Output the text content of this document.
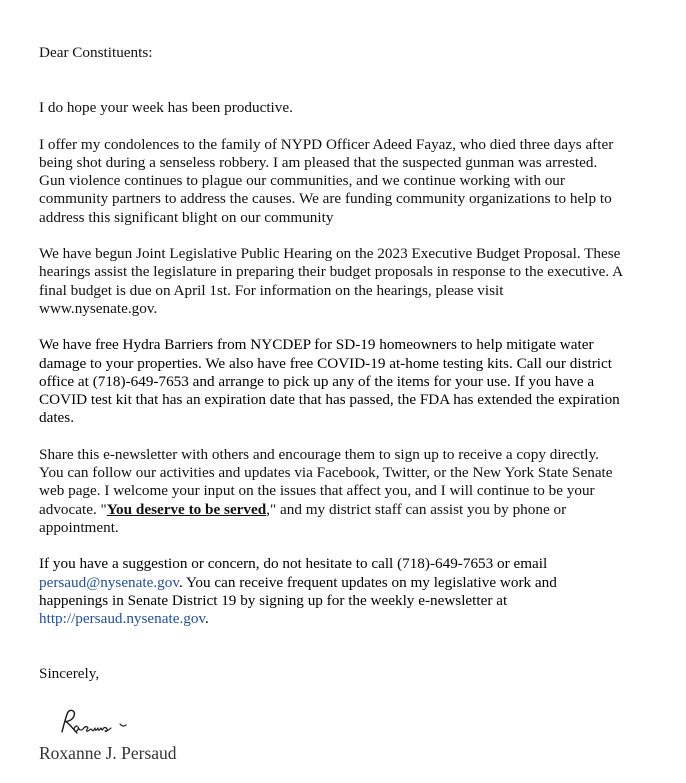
Dear Constituents:
I do hope your week has been productive.
I offer my condolences to the family of NYPD Officer Adeed Fayaz, who died three days after
being shot during a senseless robbery. I am pleased that the suspected gunman was arrested.
Gun violence continues to plague our communities, and we continue working with our
community partners to address the causes. We are funding community organizations to help to
address this significant blight on our community
We have begun Joint Legislative Public Hearing on the 2023 Executive Budget Proposal. These
hearings assist the legislature in preparing their budget proposals in response to the executive. A
final budget is due on April 1st. For information on the hearings, please visit
www.nysenate.gov.
We have free Hydra Barriers from NYCDEP for SD-19 homeowners to help mitigate water
damage to your properties. We also have free COVID-19 at-home testing kits. Call our district
office at (718)-649-7653 and arrange to pick up any of the items for your use. If you have a
COVID test kit that has an expiration date that has passed, the FDA has extended the expiration
dates.
Share this e-newsletter with others and encourage them to sign up to receive a copy directly.
You can follow our activities and updates via Facebook, Twitter, or the New York State Senate
web page. I welcome your input on the issues that affect you, and I will continue to be your
advocate. "You deserve to be served," and my district staff can assist you by phone or
appointment.
If you have a suggestion or concern, do not hesitate to call (718)-649-7653 or email
persaud@nysenate.gov. You can receive frequent updates on my legislative work and
happenings in Senate District 19 by signing up for the weekly e-newsletter at
http://persaud.nysenate.gov.
Sincerely,
Roxanne J. Persaud
